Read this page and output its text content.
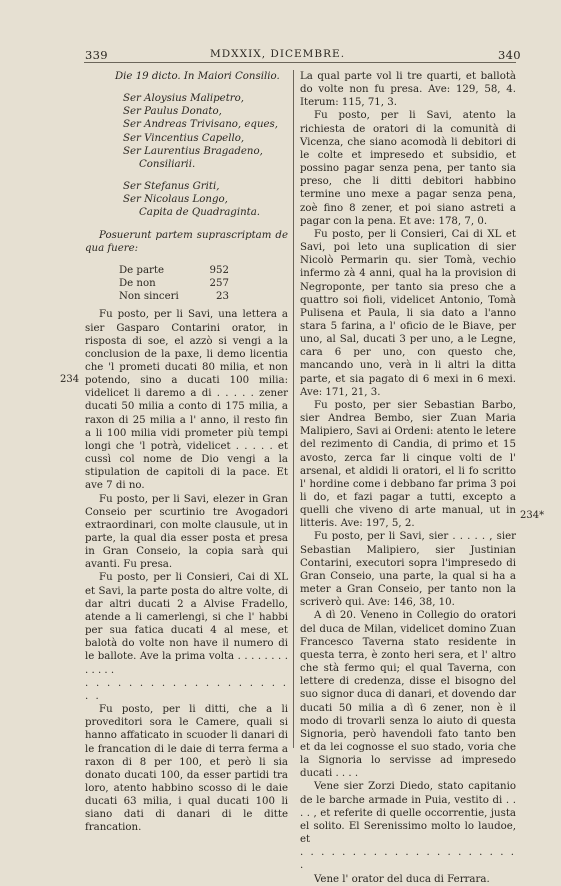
339	MDXXIX, DICEMBRE.	340
234
234*

Die 19 dicto. In Maiori Consilio.

Ser Aloysius Malipetro,

Ser Paulus Donato,

Ser Andreas Trivisano, eques,

Ser Vincentius Capello,

Ser Laurentius Bragadeno,

Consiliarii.

Ser Stefanus Griti,

Ser Nicolaus Longo,

Capita de Quadraginta.

Posuerunt partem suprascriptam de qua fuere:

De parte	952
De non	257
Non sinceri	23

Fu posto, per li Savi, una lettera a sier Gasparo Contarini orator, in risposta di soe, el azzò si vengi a la conclusion de la paxe, li demo licentia che 'l prometi ducati 80 milia, et non potendo, sino a ducati 100 milia: videlicet li daremo a di . . . . . zener ducati 50 milia a conto di 175 milia, a raxon di 25 milia a l' anno, il resto fin a li 100 milia vidi prometer più tempi longi che 'l potrà, videlicet . . . . . et cussì col nome de Dio vengi a la stipulation de capitoli di la pace. Et ave 7 di no.

Fu posto, per li Savi, elezer in Gran Conseio per scurtinio tre Avogadori extraordinari, con molte clausule, ut in parte, la qual dia esser posta et presa in Gran Conseio, la copia sarà qui avanti. Fu presa.

Fu posto, per li Consieri, Cai di XL et Savi, la parte posta do altre volte, di dar altri ducati 2 a Alvise Fradello, atende a li camerlengi, si che l' habbi per sua fatica ducati 4 al mese, et balotà do volte non have il numero di le ballote. Ave la prima volta . . . . . . . . . . . . .

. . . . . . . . . . . . . . . . . . . . .

Fu posto, per li ditti, che a li proveditori sora le Camere, quali si hanno affaticato in scuoder li danari di le francation di le daie di terra ferma a raxon di 8 per 100, et però li sia donato ducati 100, da esser partidi tra loro, atento habbino scosso di le daie ducati 63 milia, i qual ducati 100 li siano dati di danari di le ditte francation.

La qual parte vol li tre quarti, et ballotà do volte non fu presa. Ave: 129, 58, 4. Iterum: 115, 71, 3.

Fu posto, per li Savi, atento la richiesta de oratori di la comunità di Vicenza, che siano acomodà li debitori di le colte et impresedo et subsidio, et possino pagar senza pena, per tanto sia preso, che li ditti debitori habbino termine uno mexe a pagar senza pena, zoè fino 8 zener, et poi siano astreti a pagar con la pena. Et ave: 178, 7, 0.

Fu posto, per li Consieri, Cai di XL et Savi, poi leto una suplication di sier Nicolò Permarin qu. sier Tomà, vechio infermo zà 4 anni, qual ha la provision di Negroponte, per tanto sia preso che a quattro soi fioli, videlicet Antonio, Tomà Pulisena et Paula, li sia dato a l'anno stara 5 farina, a l' oficio de le Biave, per uno, al Sal, ducati 3 per uno, a le Legne, cara 6 per uno, con questo che, mancando uno, verà in li altri la ditta parte, et sia pagato di 6 mexi in 6 mexi. Ave: 171, 21, 3.

Fu posto, per sier Sebastian Barbo, sier Andrea Bembo, sier Zuan Maria Malipiero, Savi ai Ordeni: atento le letere del rezimento di Candia, di primo et 15 avosto, zerca far li cinque volti de l' arsenal, et aldidi li oratori, el li fo scritto l' hordine come i debbano far prima 3 poi li do, et fazi pagar a tutti, excepto a quelli che viveno di arte manual, ut in litteris. Ave: 197, 5, 2.

Fu posto, per li Savi, sier . . . . . , sier Sebastian Malipiero, sier Justinian Contarini, executori sopra l'impresedo di Gran Conseio, una parte, la qual si ha a meter a Gran Conseio, per tanto non la scriverò qui. Ave: 146, 38, 10.

A dì 20. Veneno in Collegio do oratori del duca de Milan, videlicet domino Zuan Francesco Taverna stato residente in questa terra, è zonto heri sera, et l' altro che stà fermo qui; el qual Taverna, con lettere di credenza, disse el bisogno del suo signor duca di danari, et dovendo dar ducati 50 milia a dì 6 zener, non è il modo di trovarli senza lo aiuto di questa Signoria, però havendoli fato tanto ben et da lei cognosse el suo stado, voria che la Signoria lo servisse ad impresedo ducati . . . .

Vene sier Zorzi Diedo, stato capitanio de le barche armade in Puia, vestito di . . . . , et referite di quelle occorrentie, justa el solito. El Serenissimo molto lo laudoe, et

. . . . . . . . . . . . . . . . . . . . . .

Vene l' orator del duca di Ferrara.
